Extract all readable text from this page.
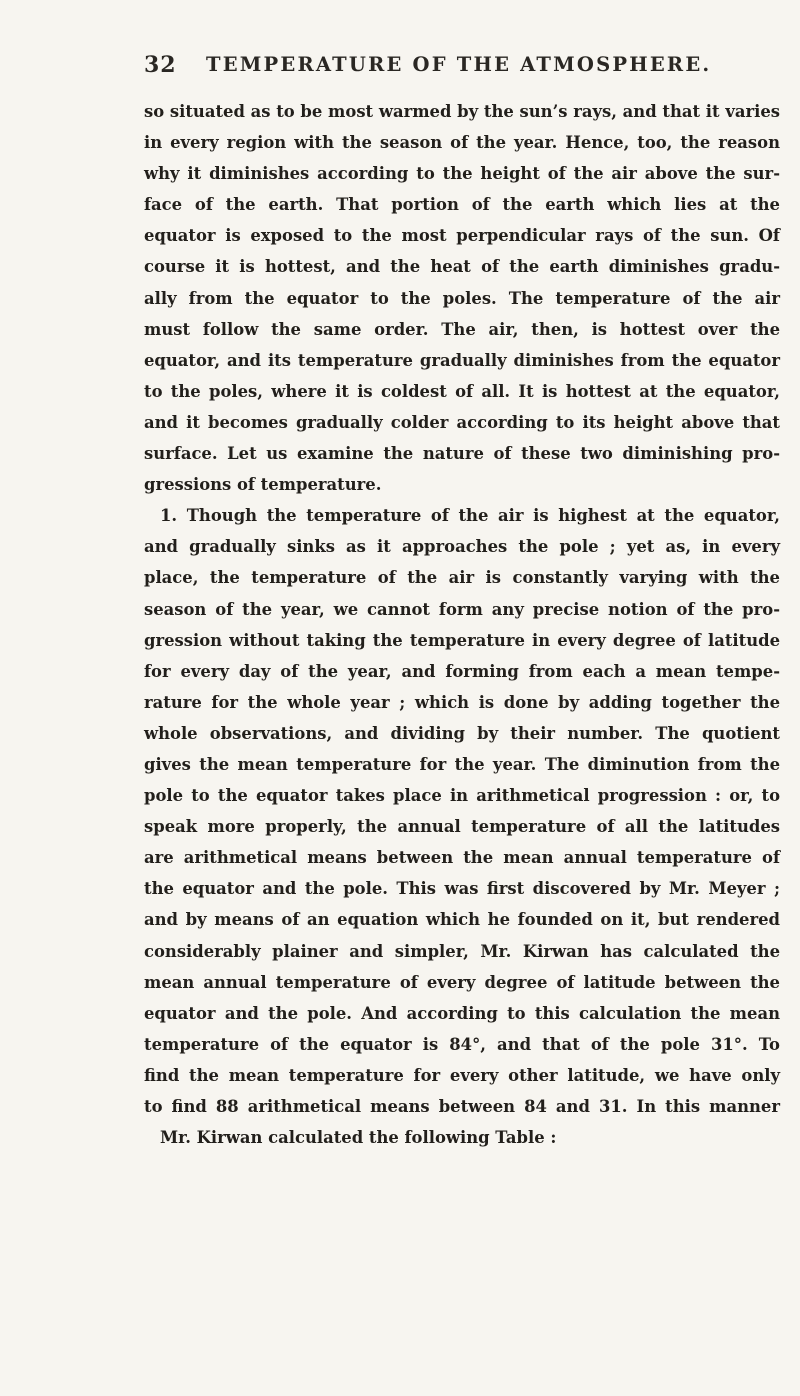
32 TEMPERATURE OF THE ATMOSPHERE.
so situated as to be most warmed by the sun’s rays, and that it varies
in every region with the season of the year. Hence, too, the reason
why it diminishes according to the height of the air above the sur-
face of the earth. That portion of the earth which lies at the
equator is exposed to the most perpendicular rays of the sun. Of
course it is hottest, and the heat of the earth diminishes gradu-
ally from the equator to the poles. The temperature of the air
must follow the same order. The air, then, is hottest over the
equator, and its temperature gradually diminishes from the equator
to the poles, where it is coldest of all. It is hottest at the equator,
and it becomes gradually colder according to its height above that
surface. Let us examine the nature of these two diminishing pro-
gressions of temperature.
1. Though the temperature of the air is highest at the equator,
and gradually sinks as it approaches the pole ; yet as, in every
place, the temperature of the air is constantly varying with the
season of the year, we cannot form any precise notion of the pro-
gression without taking the temperature in every degree of latitude
for every day of the year, and forming from each a mean tempe-
rature for the whole year ; which is done by adding together the
whole observations, and dividing by their number. The quotient
gives the mean temperature for the year. The diminution from the
pole to the equator takes place in arithmetical progression : or, to
speak more properly, the annual temperature of all the latitudes
are arithmetical means between the mean annual temperature of
the equator and the pole. This was first discovered by Mr. Meyer ;
and by means of an equation which he founded on it, but rendered
considerably plainer and simpler, Mr. Kirwan has calculated the
mean annual temperature of every degree of latitude between the
equator and the pole. And according to this calculation the mean
temperature of the equator is 84°, and that of the pole 31°. To
find the mean temperature for every other latitude, we have only
to find 88 arithmetical means between 84 and 31. In this manner
Mr. Kirwan calculated the following Table :
